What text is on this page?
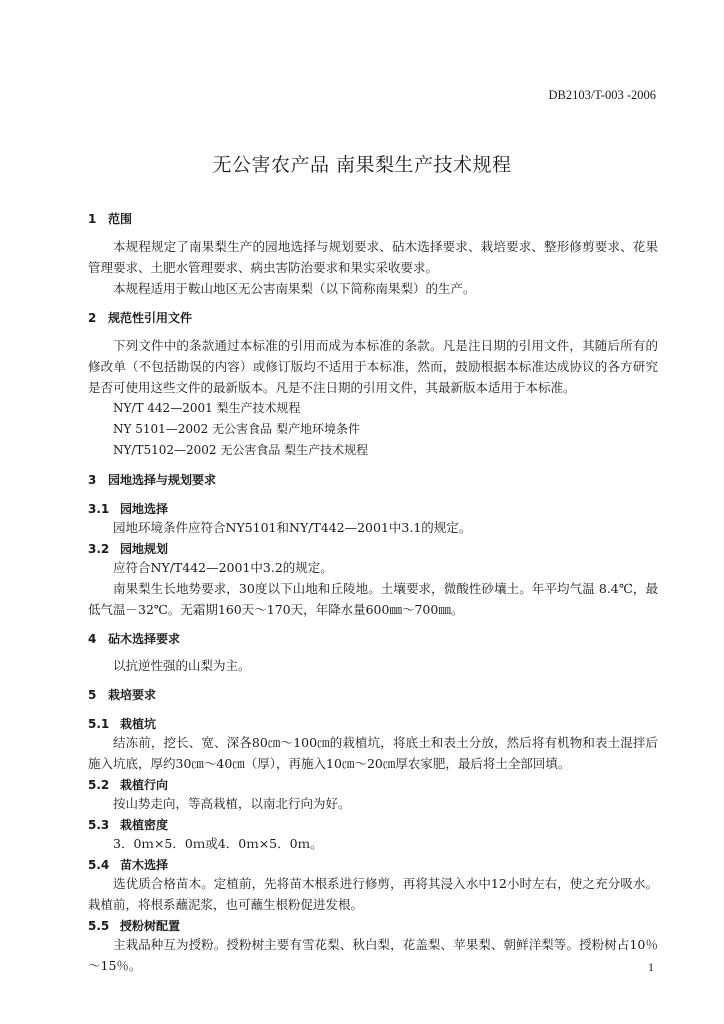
DB2103/T-003 -2006
无公害农产品 南果梨生产技术规程
1 范围

本规程规定了南果梨生产的园地选择与规划要求、砧木选择要求、栽培要求、整形修剪要求、花果管理要求、土肥水管理要求、病虫害防治要求和果实采收要求。

本规程适用于鞍山地区无公害南果梨（以下简称南果梨）的生产。

2 规范性引用文件

下列文件中的条款通过本标准的引用而成为本标准的条款。凡是注日期的引用文件，其随后所有的修改单（不包括勘误的内容）或修订版均不适用于本标准，然而，鼓励根据本标准达成协议的各方研究是否可使用这些文件的最新版本。凡是不注日期的引用文件，其最新版本适用于本标准。

NY/T 442—2001 梨生产技术规程

NY 5101—2002 无公害食品 梨产地环境条件

NY/T5102—2002 无公害食品 梨生产技术规程

3 园地选择与规划要求
3.1 园地选择

园地环境条件应符合NY5101和NY/T442—2001中3.1的规定。

3.2 园地规划

应符合NY/T442—2001中3.2的规定。

南果梨生长地势要求，30度以下山地和丘陵地。土壤要求，微酸性砂壤土。年平均气温 8.4℃，最低气温－32℃。无霜期160天～170天，年降水量600㎜～700㎜。

4 砧木选择要求

以抗逆性强的山梨为主。

5 栽培要求
5.1 栽植坑

结冻前，挖长、宽、深各80㎝～100㎝的栽植坑，将底土和表土分放，然后将有机物和表土混拌后施入坑底，厚约30㎝～40㎝（厚），再施入10㎝～20㎝厚农家肥，最后将土全部回填。

5.2 栽植行向

按山势走向，等高栽植，以南北行向为好。

5.3 栽植密度

3．0ｍ×5．0ｍ或4．0ｍ×5．0ｍ。

5.4 苗木选择

选优质合格苗木。定植前，先将苗木根系进行修剪，再将其浸入水中12小时左右，使之充分吸水。栽植前，将根系蘸泥浆，也可蘸生根粉促进发根。

5.5 授粉树配置

主栽品种互为授粉。授粉树主要有雪花梨、秋白梨，花盖梨、苹果梨、朝鲜洋梨等。授粉树占10％～15％。	1
